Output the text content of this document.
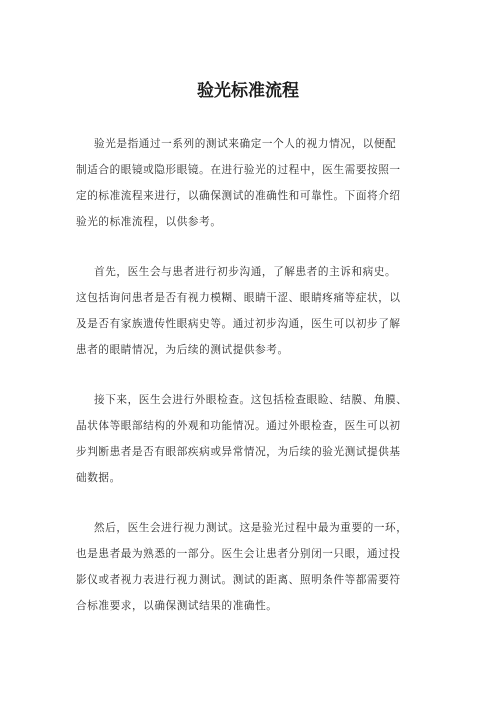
验光标准流程
验光是指通过一系列的测试来确定一个人的视力情况，以便配
制适合的眼镜或隐形眼镜。在进行验光的过程中，医生需要按照一
定的标准流程来进行，以确保测试的准确性和可靠性。下面将介绍
验光的标准流程，以供参考。
首先，医生会与患者进行初步沟通，了解患者的主诉和病史。
这包括询问患者是否有视力模糊、眼睛干涩、眼睛疼痛等症状，以
及是否有家族遗传性眼病史等。通过初步沟通，医生可以初步了解
患者的眼睛情况，为后续的测试提供参考。
接下来，医生会进行外眼检查。这包括检查眼睑、结膜、角膜、
晶状体等眼部结构的外观和功能情况。通过外眼检查，医生可以初
步判断患者是否有眼部疾病或异常情况，为后续的验光测试提供基
础数据。
然后，医生会进行视力测试。这是验光过程中最为重要的一环，
也是患者最为熟悉的一部分。医生会让患者分别闭一只眼，通过投
影仪或者视力表进行视力测试。测试的距离、照明条件等都需要符
合标准要求，以确保测试结果的准确性。
